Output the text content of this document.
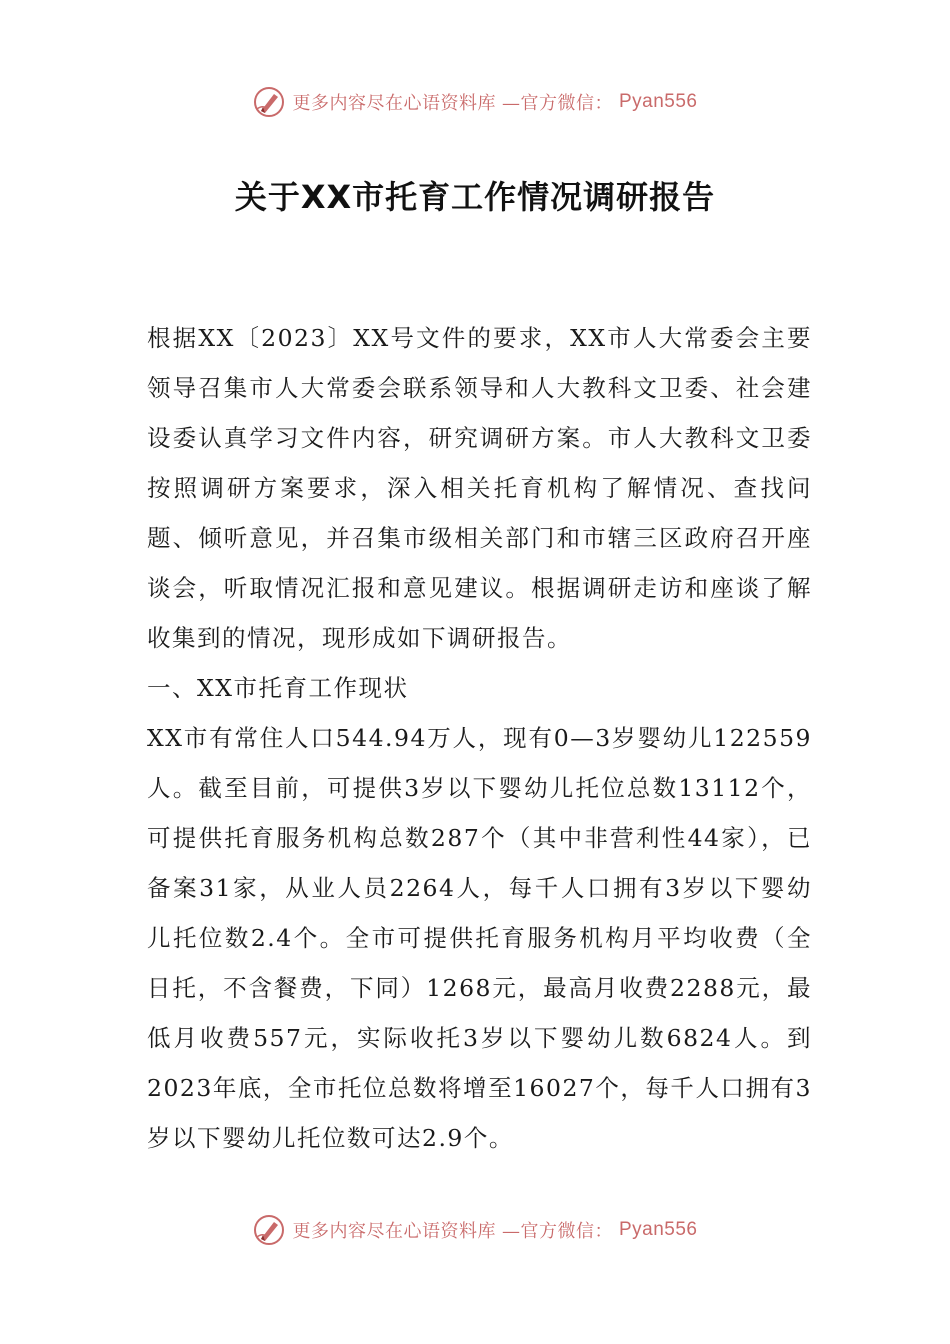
更多内容尽在心语资料库 —官方微信： Pyan556
关于XX市托育工作情况调研报告

根据XX〔2023〕XX号文件的要求，XX市人大常委会主要领导召集市人大常委会联系领导和人大教科文卫委、社会建设委认真学习文件内容，研究调研方案。市人大教科文卫委按照调研方案要求，深入相关托育机构了解情况、查找问题、倾听意见，并召集市级相关部门和市辖三区政府召开座谈会，听取情况汇报和意见建议。根据调研走访和座谈了解收集到的情况，现形成如下调研报告。

一、XX市托育工作现状

XX市有常住人口544.94万人，现有0—3岁婴幼儿122559人。截至目前，可提供3岁以下婴幼儿托位总数13112个，可提供托育服务机构总数287个（其中非营利性44家），已备案31家，从业人员2264人，每千人口拥有3岁以下婴幼儿托位数2.4个。全市可提供托育服务机构月平均收费（全日托，不含餐费，下同）1268元，最高月收费2288元，最低月收费557元，实际收托3岁以下婴幼儿数6824人。到2023年底，全市托位总数将增至16027个，每千人口拥有3岁以下婴幼儿托位数可达2.9个。

更多内容尽在心语资料库 —官方微信： Pyan556
